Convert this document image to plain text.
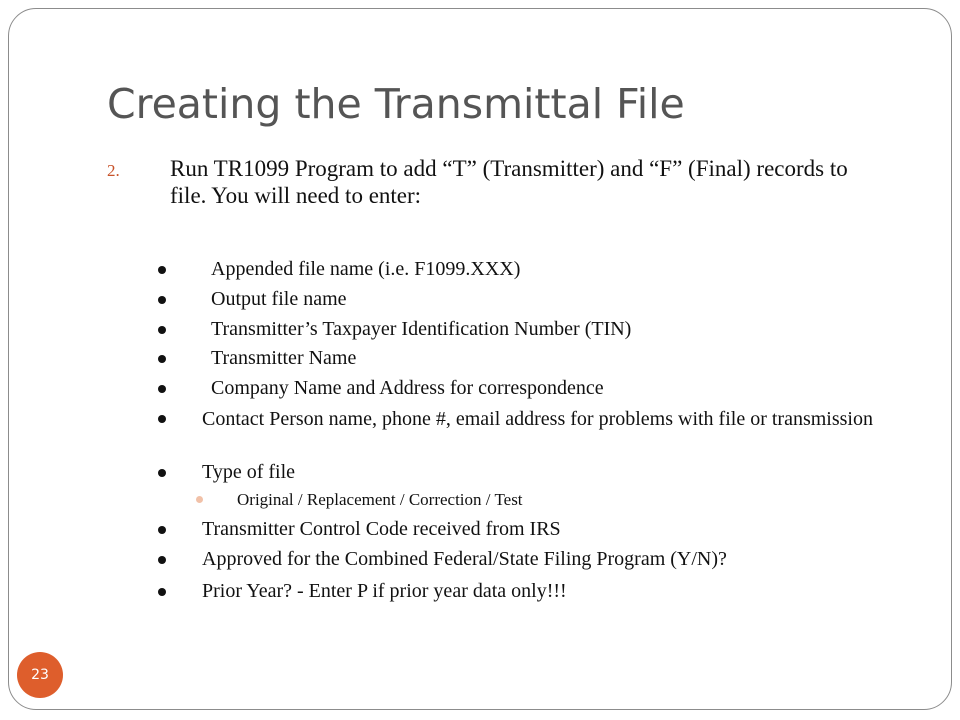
Creating the Transmittal File
2. Run TR1099 Program to add “T” (Transmitter) and “F” (Final) records to file. You will need to enter:
Appended file name (i.e. F1099.XXX)
Output file name
Transmitter’s Taxpayer Identification Number (TIN)
Transmitter Name
Company Name and Address for correspondence
Contact Person name, phone #, email address for problems with file or transmission
Type of file
Original / Replacement / Correction / Test
Transmitter Control Code received from IRS
Approved for the Combined Federal/State Filing Program (Y/N)?
Prior Year? - Enter P if prior year data only!!!
23
